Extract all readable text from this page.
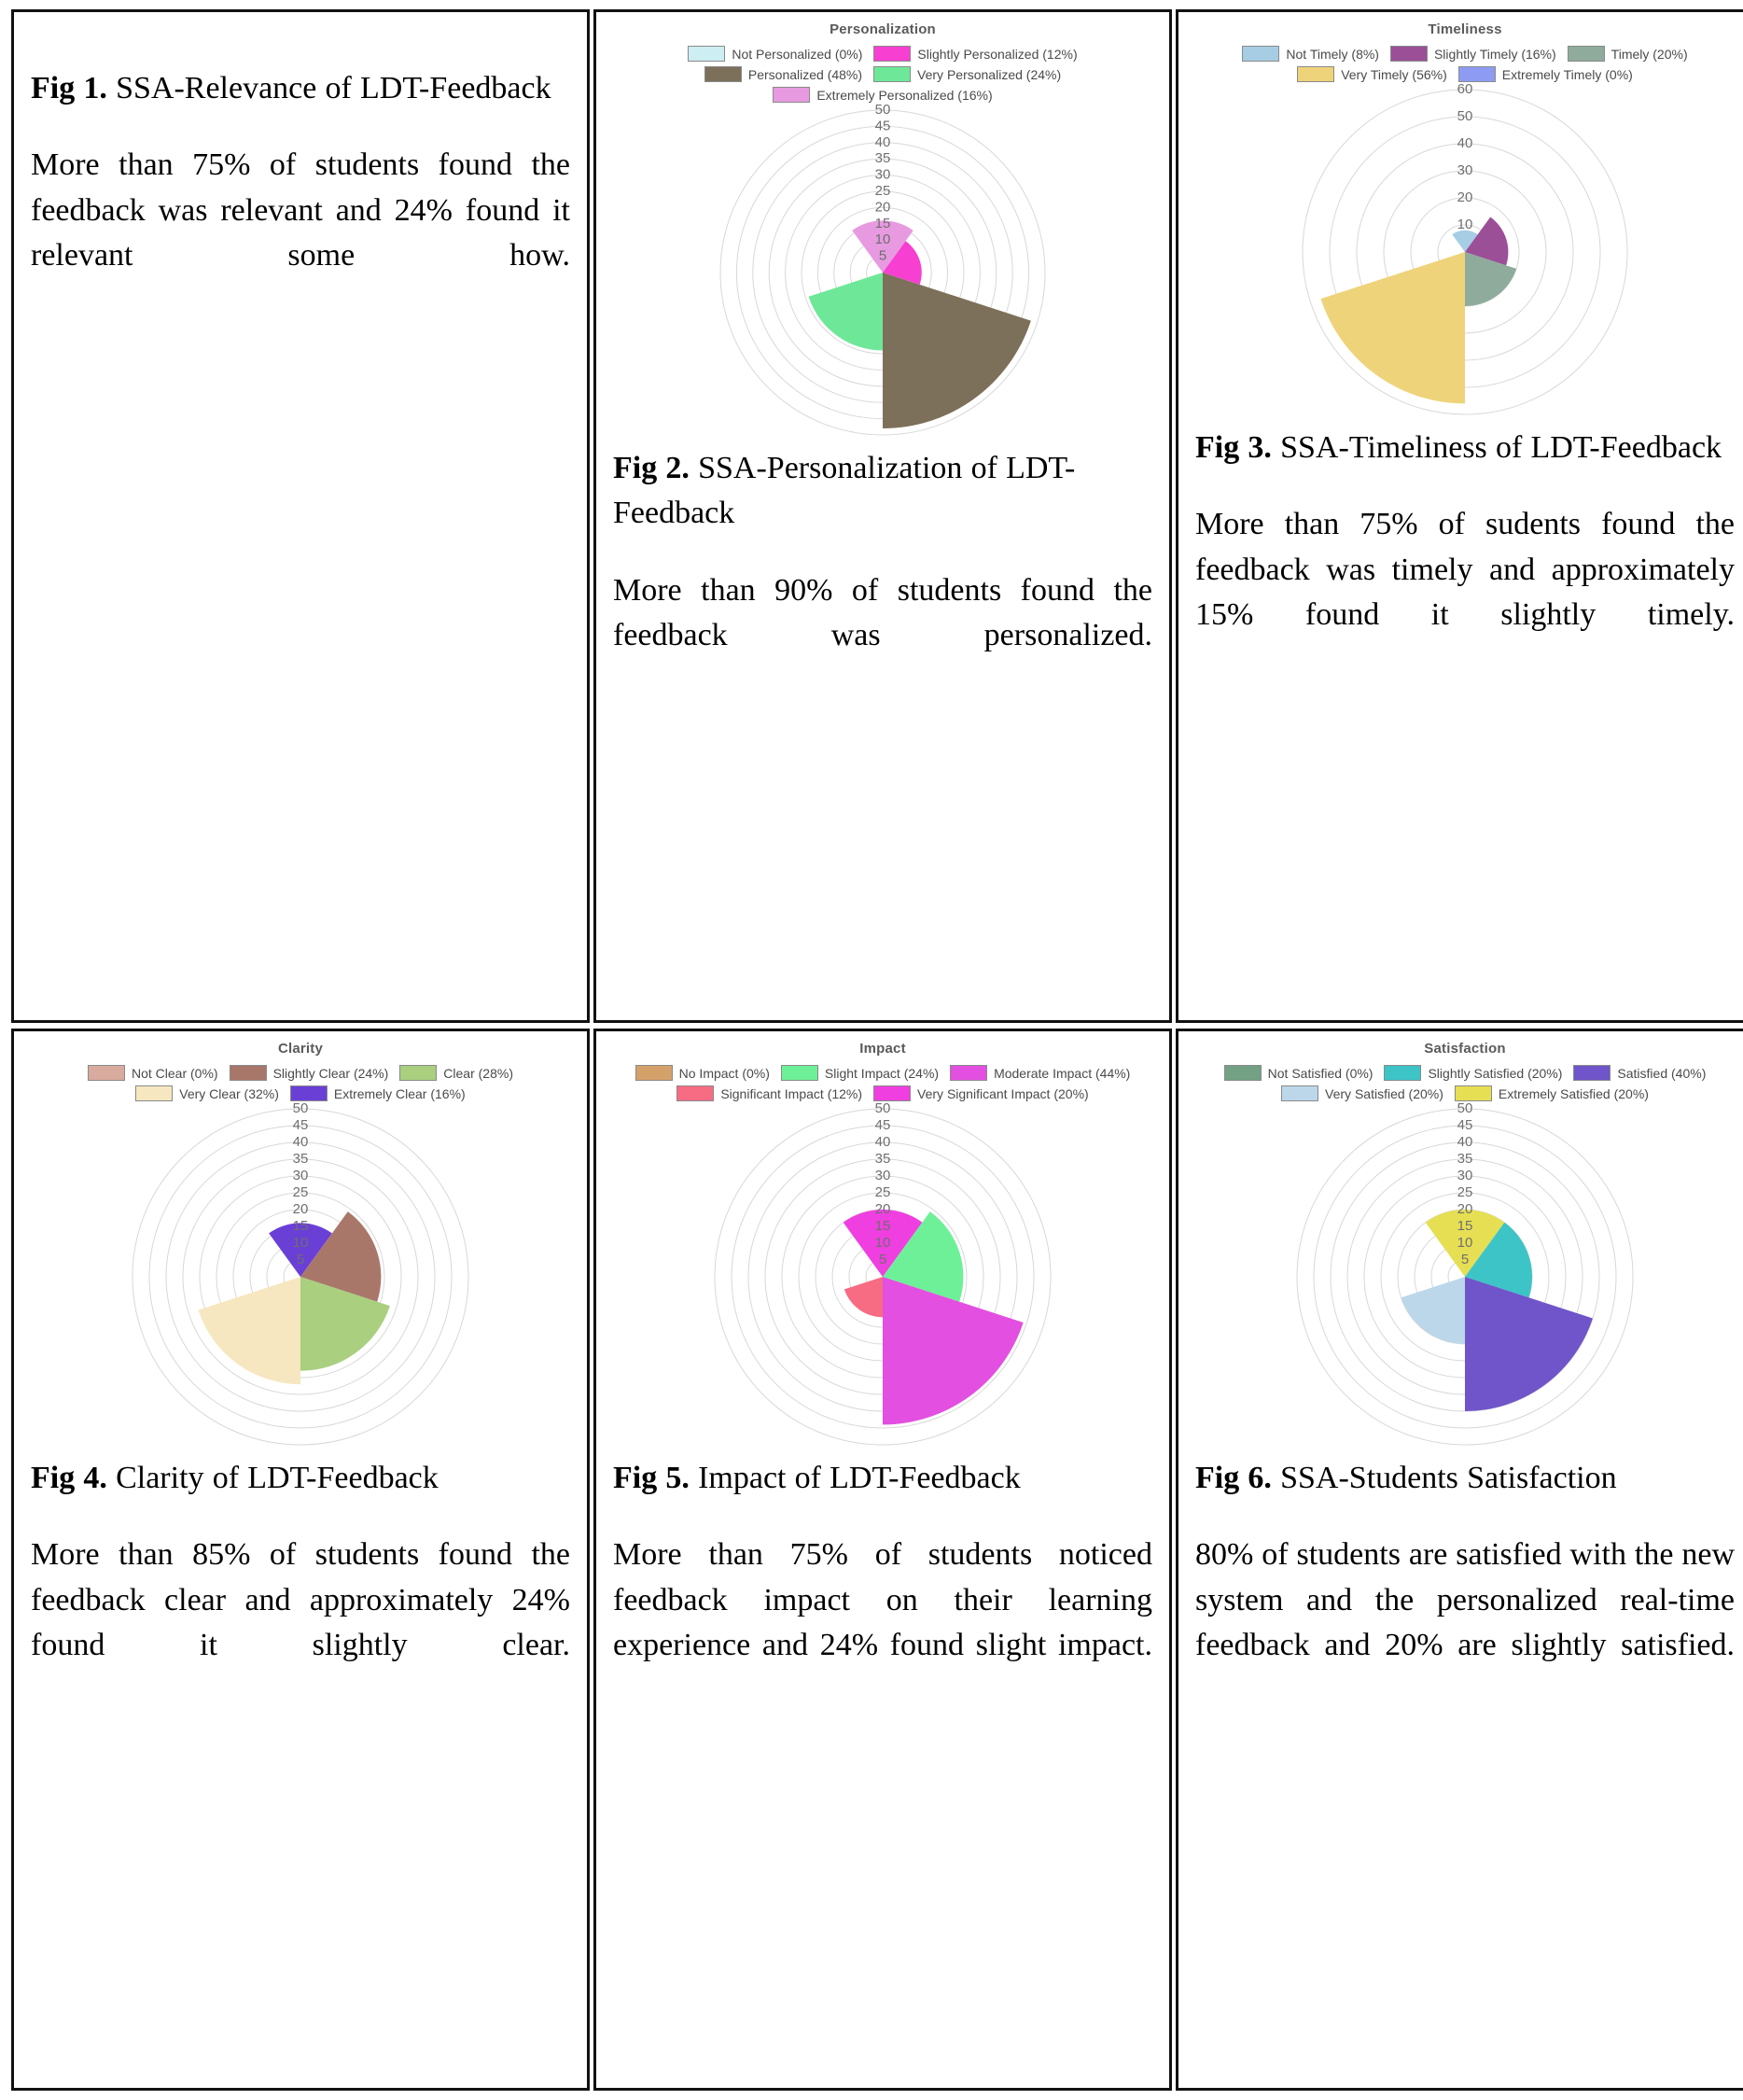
Fig 1. SSA-Relevance of LDT-Feedback

More than 75% of students found the feedback was relevant and 24% found it relevant some how.

Personalization
Not Personalized (0%)	Slightly Personalized (12%)
Personalized (48%)	Very Personalized (24%)
Extremely Personalized (16%)
5
10
15
20
25
30
35
40
45
50

Fig 2. SSA-Personalization of LDT-Feedback

More than 90% of students found the feedback was personalized.

Timeliness
Not Timely (8%)	Slightly Timely (16%)	Timely (20%)
Very Timely (56%)	Extremely Timely (0%)
10
20
30
40
50
60

Fig 3. SSA-Timeliness of LDT-Feedback

More than 75% of sudents found the feedback was timely and approximately 15% found it slightly timely.

Clarity
Not Clear (0%)	Slightly Clear (24%)	Clear (28%)
Very Clear (32%)	Extremely Clear (16%)
5
10
15
20
25
30
35
40
45
50

Fig 4. Clarity of LDT-Feedback

More than 85% of students found the feedback clear and approximately 24% found it slightly clear.

Impact
No Impact (0%)	Slight Impact (24%)	Moderate Impact (44%)
Significant Impact (12%)	Very Significant Impact (20%)
5
10
15
20
25
30
35
40
45
50

Fig 5. Impact of LDT-Feedback

More than 75% of students noticed feedback impact on their learning experience and 24% found slight impact.

Satisfaction
Not Satisfied (0%)	Slightly Satisfied (20%)	Satisfied (40%)
Very Satisfied (20%)	Extremely Satisfied (20%)
5
10
15
20
25
30
35
40
45
50

Fig 6. SSA-Students Satisfaction

80% of students are satisfied with the new system and the personalized real-time feedback and 20% are slightly satisfied.
